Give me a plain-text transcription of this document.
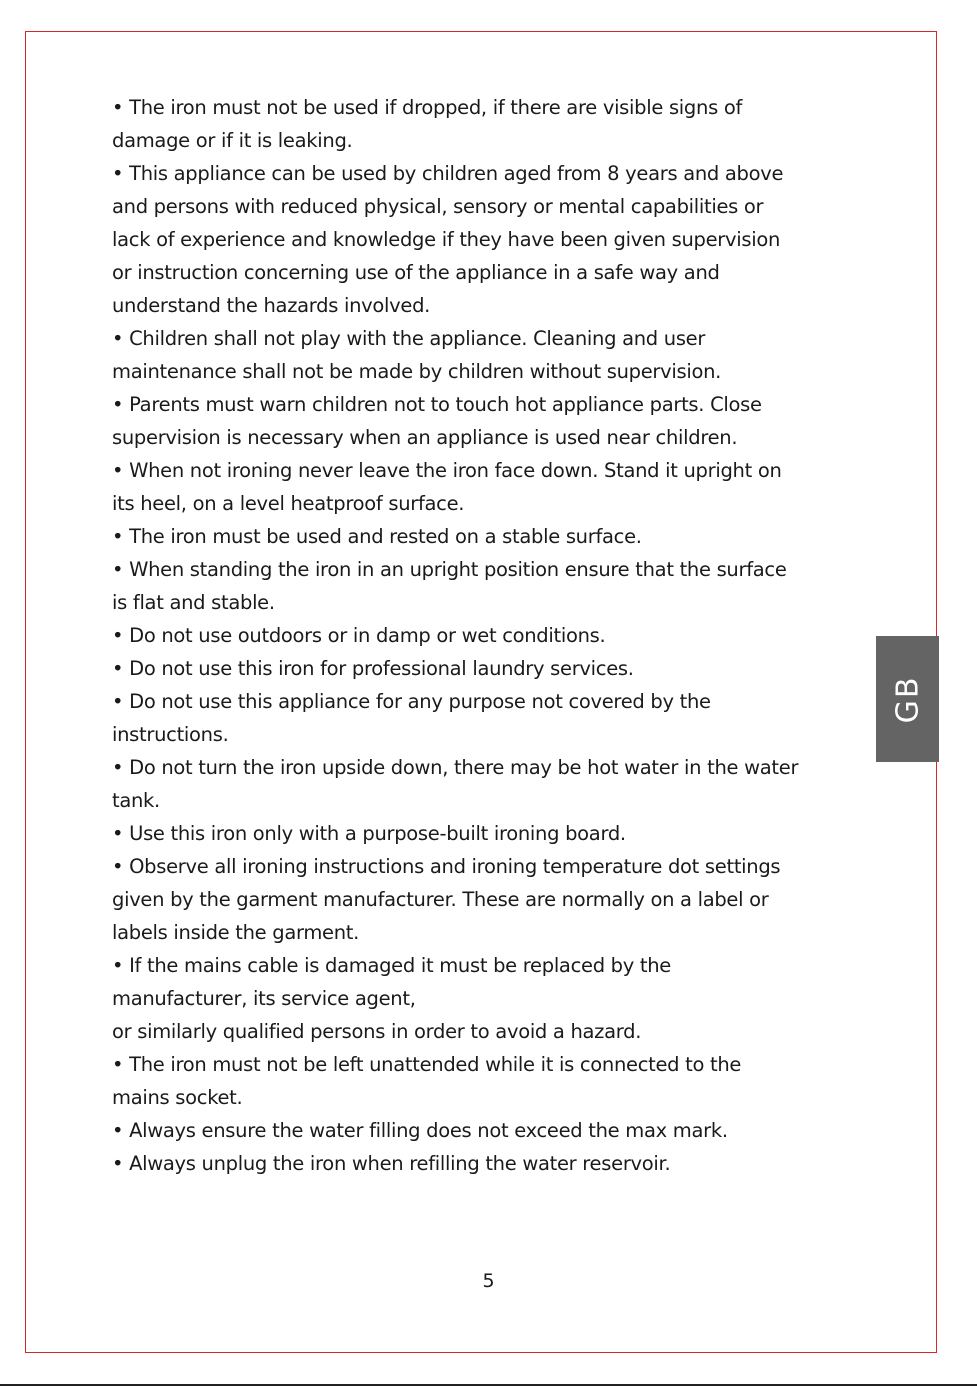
• The iron must not be used if dropped, if there are visible signs of
damage or if it is leaking.
• This appliance can be used by children aged from 8 years and above
and persons with reduced physical, sensory or mental capabilities or
lack of experience and knowledge if they have been given supervision
or instruction concerning use of the appliance in a safe way and
understand the hazards involved.
• Children shall not play with the appliance. Cleaning and user
maintenance shall not be made by children without supervision.
• Parents must warn children not to touch hot appliance parts. Close
supervision is necessary when an appliance is used near children.
• When not ironing never leave the iron face down. Stand it upright on
its heel, on a level heatproof surface.
• The iron must be used and rested on a stable surface.
• When standing the iron in an upright position ensure that the surface
is flat and stable.
• Do not use outdoors or in damp or wet conditions.
• Do not use this iron for professional laundry services.
• Do not use this appliance for any purpose not covered by the
instructions.
• Do not turn the iron upside down, there may be hot water in the water
tank.
• Use this iron only with a purpose-built ironing board.
• Observe all ironing instructions and ironing temperature dot settings
given by the garment manufacturer. These are normally on a label or
labels inside the garment.
• If the mains cable is damaged it must be replaced by the
manufacturer, its service agent,
or similarly qualified persons in order to avoid a hazard.
• The iron must not be left unattended while it is connected to the
mains socket.
• Always ensure the water filling does not exceed the max mark.
• Always unplug the iron when refilling the water reservoir.
GB
5
